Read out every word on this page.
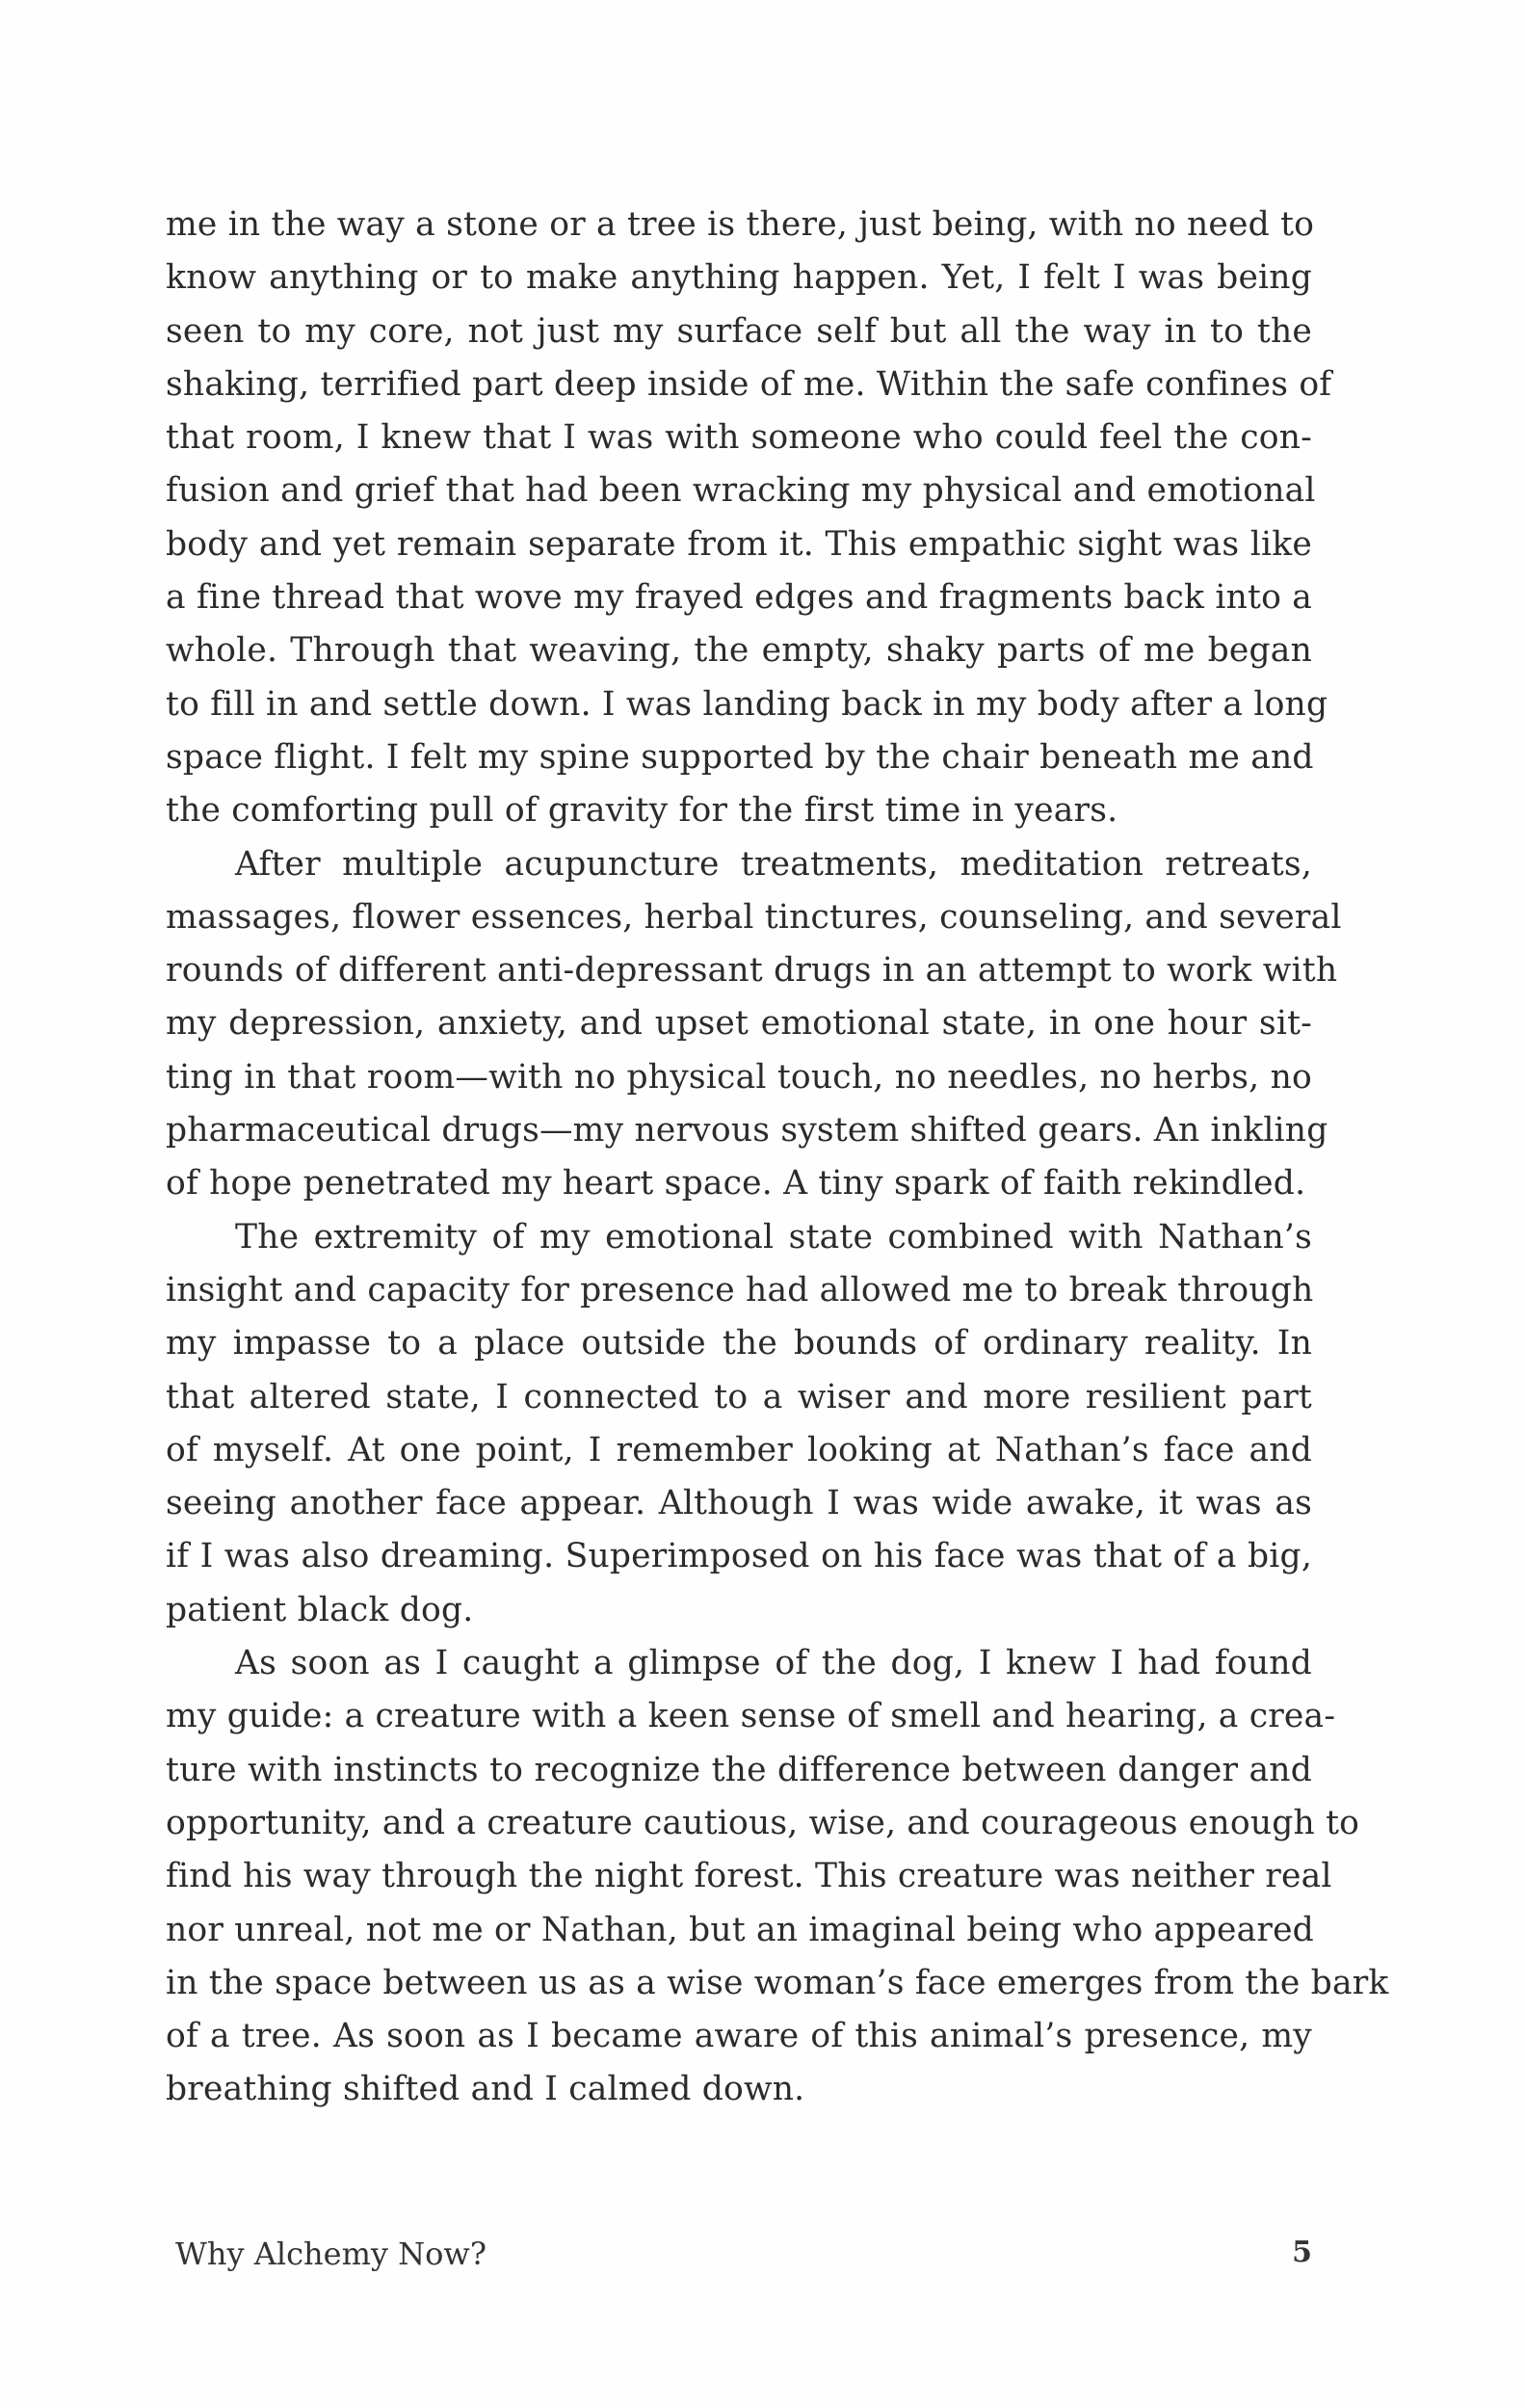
me in the way a stone or a tree is there, just being, with no need to
know anything or to make anything happen. Yet, I felt I was being
seen to my core, not just my surface self but all the way in to the
shaking, terrified part deep inside of me. Within the safe confines of
that room, I knew that I was with someone who could feel the con-
fusion and grief that had been wracking my physical and emotional
body and yet remain separate from it. This empathic sight was like
a fine thread that wove my frayed edges and fragments back into a
whole. Through that weaving, the empty, shaky parts of me began
to fill in and settle down. I was landing back in my body after a long
space flight. I felt my spine supported by the chair beneath me and
the comforting pull of gravity for the first time in years.

After multiple acupuncture treatments, meditation retreats,
massages, flower essences, herbal tinctures, counseling, and several
rounds of different anti-depressant drugs in an attempt to work with
my depression, anxiety, and upset emotional state, in one hour sit-
ting in that room—with no physical touch, no needles, no herbs, no
pharmaceutical drugs—my nervous system shifted gears. An inkling
of hope penetrated my heart space. A tiny spark of faith rekindled.

The extremity of my emotional state combined with Nathan’s
insight and capacity for presence had allowed me to break through
my impasse to a place outside the bounds of ordinary reality. In
that altered state, I connected to a wiser and more resilient part
of myself. At one point, I remember looking at Nathan’s face and
seeing another face appear. Although I was wide awake, it was as
if I was also dreaming. Superimposed on his face was that of a big,
patient black dog.

As soon as I caught a glimpse of the dog, I knew I had found
my guide: a creature with a keen sense of smell and hearing, a crea-
ture with instincts to recognize the difference between danger and
opportunity, and a creature cautious, wise, and courageous enough to
find his way through the night forest. This creature was neither real
nor unreal, not me or Nathan, but an imaginal being who appeared
in the space between us as a wise woman’s face emerges from the bark
of a tree. As soon as I became aware of this animal’s presence, my
breathing shifted and I calmed down.

Why Alchemy Now?	5
